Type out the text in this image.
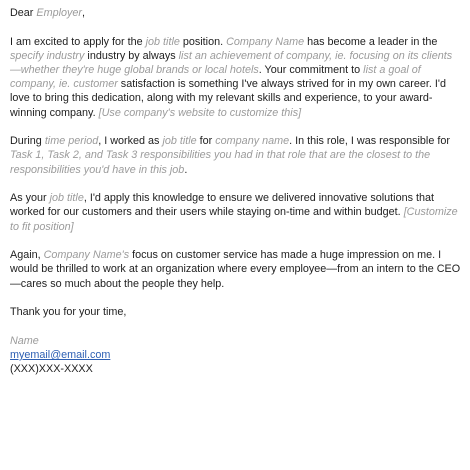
Dear Employer,

I am excited to apply for the job title position. Company Name has become a leader in the specify industry industry by always list an achievement of company, ie. focusing on its clients—whether they're huge global brands or local hotels. Your commitment to list a goal of company, ie. customer satisfaction is something I've always strived for in my own career. I'd love to bring this dedication, along with my relevant skills and experience, to your award-winning company. [Use company's website to customize this]

During time period, I worked as job title for company name. In this role, I was responsible for Task 1, Task 2, and Task 3 responsibilities you had in that role that are the closest to the responsibilities you'd have in this job.

As your job title, I'd apply this knowledge to ensure we delivered innovative solutions that worked for our customers and their users while staying on-time and within budget. [Customize to fit position]

Again, Company Name's focus on customer service has made a huge impression on me. I would be thrilled to work at an organization where every employee—from an intern to the CEO—cares so much about the people they help.

Thank you for your time,

Name
myemail@email.com
(XXX)XXX-XXXX
